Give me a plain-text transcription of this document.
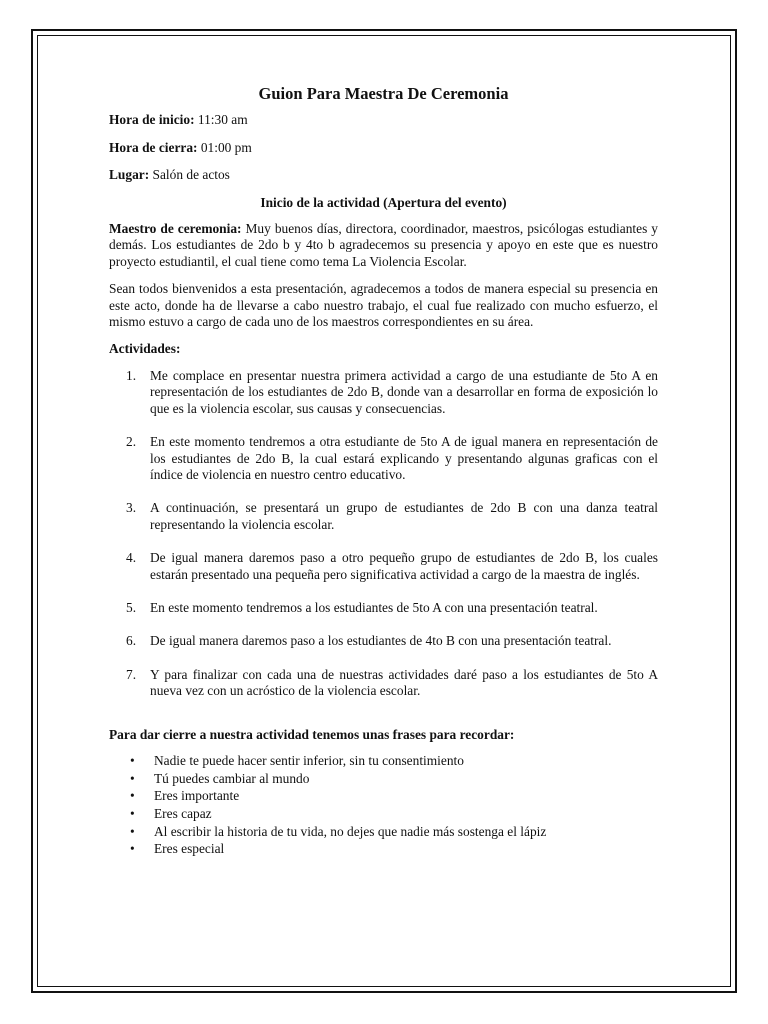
Guion Para Maestra De Ceremonia
Hora de inicio: 11:30 am
Hora de cierra: 01:00 pm
Lugar: Salón de actos
Inicio de la actividad (Apertura del evento)
Maestro de ceremonia: Muy buenos días, directora, coordinador, maestros, psicólogas estudiantes y demás. Los estudiantes de 2do b y 4to b agradecemos su presencia y apoyo en este que es nuestro proyecto estudiantil, el cual tiene como tema La Violencia Escolar.
Sean todos bienvenidos a esta presentación, agradecemos a todos de manera especial su presencia en este acto, donde ha de llevarse a cabo nuestro trabajo, el cual fue realizado con mucho esfuerzo, el mismo estuvo a cargo de cada uno de los maestros correspondientes en su área.
Actividades:
1. Me complace en presentar nuestra primera actividad a cargo de una estudiante de 5to A en representación de los estudiantes de 2do B, donde van a desarrollar en forma de exposición lo que es la violencia escolar, sus causas y consecuencias.
2. En este momento tendremos a otra estudiante de 5to A de igual manera en representación de los estudiantes de 2do B, la cual estará explicando y presentando algunas graficas con el índice de violencia en nuestro centro educativo.
3. A continuación, se presentará un grupo de estudiantes de 2do B con una danza teatral representando la violencia escolar.
4. De igual manera daremos paso a otro pequeño grupo de estudiantes de 2do B, los cuales estarán presentado una pequeña pero significativa actividad a cargo de la maestra de inglés.
5. En este momento tendremos a los estudiantes de 5to A con una presentación teatral.
6. De igual manera daremos paso a los estudiantes de 4to B con una presentación teatral.
7. Y para finalizar con cada una de nuestras actividades daré paso a los estudiantes de 5to A nueva vez con un acróstico de la violencia escolar.
Para dar cierre a nuestra actividad tenemos unas frases para recordar:
• Nadie te puede hacer sentir inferior, sin tu consentimiento
• Tú puedes cambiar al mundo
• Eres importante
• Eres capaz
• Al escribir la historia de tu vida, no dejes que nadie más sostenga el lápiz
• Eres especial
